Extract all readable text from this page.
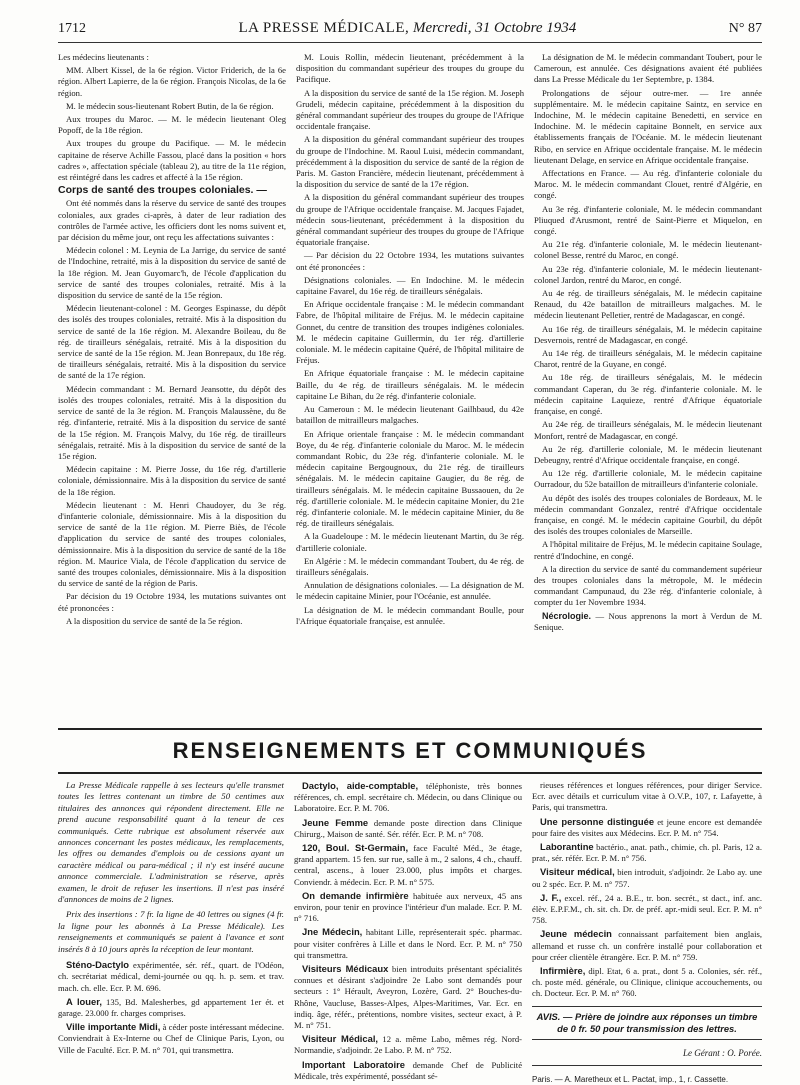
1712	LA PRESSE MÉDICALE, Mercredi, 31 Octobre 1934	N° 87

Les médecins lieutenants :

MM. Albert Kissel, de la 6e région. Victor Friderich, de la 6e région. Albert Lapierre, de la 6e région. François Nicolas, de la 6e région.

M. le médecin sous-lieutenant Robert Butin, de la 6e région.

Aux troupes du Maroc. — M. le médecin lieutenant Oleg Popoff, de la 18e région.

Aux troupes du groupe du Pacifique. — M. le médecin capitaine de réserve Achille Fassou, placé dans la position « hors cadres », affectation spéciale (tableau 2), au titre de la 11e région, est réintégré dans les cadres et affecté à la 15e région.

Corps de santé des troupes coloniales. —

Ont été nommés dans la réserve du service de santé des troupes coloniales, aux grades ci-après, à dater de leur radiation des contrôles de l'armée active, les officiers dont les noms suivent et, par décision du même jour, ont reçu les affectations suivantes :

Médecin colonel : M. Leynia de La Jarrige, du service de santé de l'Indochine, retraité, mis à la disposition du service de santé de la 18e région. M. Jean Guyomarc'h, de l'école d'application du service de santé des troupes coloniales, retraité. Mis à la disposition du service de santé de la 15e région.

Médecin lieutenant-colonel : M. Georges Espinasse, du dépôt des isolés des troupes coloniales, retraité. Mis à la disposition du service de santé de la 16e région. M. Alexandre Boileau, du 8e rég. de tirailleurs sénégalais, retraité. Mis à la disposition du service de santé de la 15e région. M. Jean Bonrepaux, du 18e rég. de tirailleurs sénégalais, retraité. Mis à la disposition du service de santé de la 17e région.

Médecin commandant : M. Bernard Jeansotte, du dépôt des isolés des troupes coloniales, retraité. Mis à la disposition du service de santé de la 3e région. M. François Malaussène, du 8e rég. d'infanterie, retraité. Mis à la disposition du service de santé de la 15e région. M. François Malvy, du 16e rég. de tirailleurs sénégalais, retraité. Mis à la disposition du service de santé de la 15e région.

Médecin capitaine : M. Pierre Josse, du 16e rég. d'artillerie coloniale, démissionnaire. Mis à la disposition du service de santé de la 18e région.

Médecin lieutenant : M. Henri Chaudoyer, du 3e rég. d'infanterie coloniale, démissionnaire. Mis à la disposition du service de santé de la 11e région. M. Pierre Biès, de l'école d'application du service de santé des troupes coloniales, démissionnaire. Mis à la disposition du service de santé de la 18e région. M. Maurice Viala, de l'école d'application du service de santé des troupes coloniales, démissionnaire. Mis à la disposition du service de santé de la région de Paris.

Par décision du 19 Octobre 1934, les mutations suivantes ont été prononcées :

A la disposition du service de santé de la 5e région.

M. Louis Rollin, médecin lieutenant, précédemment à la disposition du commandant supérieur des troupes du groupe du Pacifique.

A la disposition du service de santé de la 15e région. M. Joseph Grudeli, médecin capitaine, précédemment à la disposition du général commandant supérieur des troupes du groupe de l'Afrique occidentale française.

A la disposition du général commandant supérieur des troupes du groupe de l'Indochine. M. Raoul Luisi, médecin commandant, précédemment à la disposition du service de santé de la région de Paris. M. Gaston Francière, médecin lieutenant, précédemment à la disposition du service de santé de la 17e région.

A la disposition du général commandant supérieur des troupes du groupe de l'Afrique occidentale française. M. Jacques Fajadet, médecin sous-lieutenant, précédemment à la disposition du général commandant supérieur des troupes du groupe de l'Afrique équatoriale française.

— Par décision du 22 Octobre 1934, les mutations suivantes ont été prononcées :

Désignations coloniales. — En Indochine. M. le médecin capitaine Favarel, du 16e rég. de tirailleurs sénégalais.

En Afrique occidentale française : M. le médecin commandant Fabre, de l'hôpital militaire de Fréjus. M. le médecin capitaine Gonnet, du centre de transition des troupes indigènes coloniales. M. le médecin capitaine Guillermin, du 1er rég. d'artillerie coloniale. M. le médecin capitaine Quéré, de l'hôpital militaire de Fréjus.

En Afrique équatoriale française : M. le médecin capitaine Baille, du 4e rég. de tirailleurs sénégalais. M. le médecin capitaine Le Bihan, du 2e rég. d'infanterie coloniale.

Au Cameroun : M. le médecin lieutenant Gailhbaud, du 42e bataillon de mitrailleurs malgaches.

En Afrique orientale française : M. le médecin commandant Boye, du 4e rég. d'infanterie coloniale du Maroc. M. le médecin commandant Robic, du 23e rég. d'infanterie coloniale. M. le médecin capitaine Bergougnoux, du 21e rég. de tirailleurs sénégalais. M. le médecin capitaine Gaugier, du 8e rég. de tirailleurs sénégalais. M. le médecin capitaine Bussaouen, du 2e rég. d'artillerie coloniale. M. le médecin capitaine Monier, du 21e rég. d'infanterie coloniale. M. le médecin capitaine Minier, du 8e rég. de tirailleurs sénégalais.

A la Guadeloupe : M. le médecin lieutenant Martin, du 3e rég. d'artillerie coloniale.

En Algérie : M. le médecin commandant Toubert, du 4e rég. de tirailleurs sénégalais.

Annulation de désignations coloniales. — La désignation de M. le médecin capitaine Minier, pour l'Océanie, est annulée.

La désignation de M. le médecin commandant Boulle, pour l'Afrique équatoriale française, est annulée.

La désignation de M. le médecin commandant Toubert, pour le Cameroun, est annulée. Ces désignations avaient été publiées dans La Presse Médicale du 1er Septembre, p. 1384.

Prolongations de séjour outre-mer. — 1re année supplémentaire. M. le médecin capitaine Saintz, en service en Indochine, M. le médecin capitaine Benedetti, en service en Indochine. M. le médecin capitaine Bonnelt, en service aux établissements français de l'Océanie. M. le médecin lieutenant Ribo, en service en Afrique occidentale française. M. le médecin lieutenant Delage, en service en Afrique occidentale française.

Affectations en France. — Au rég. d'infanterie coloniale du Maroc. M. le médecin commandant Clouet, rentré d'Algérie, en congé.

Au 3e rég. d'infanterie coloniale, M. le médecin commandant Pliuqued d'Arusmont, rentré de Saint-Pierre et Miquelon, en congé.

Au 21e rég. d'infanterie coloniale, M. le médecin lieutenant-colonel Besse, rentré du Maroc, en congé.

Au 23e rég. d'infanterie coloniale, M. le médecin lieutenant-colonel Jardon, rentré du Maroc, en congé.

Au 4e rég. de tirailleurs sénégalais, M. le médecin capitaine Renaud, du 42e bataillon de mitrailleurs malgaches. M. le médecin lieutenant Pelletier, rentré de Madagascar, en congé.

Au 16e rég. de tirailleurs sénégalais, M. le médecin capitaine Desvernois, rentré de Madagascar, en congé.

Au 14e rég. de tirailleurs sénégalais, M. le médecin capitaine Charot, rentré de la Guyane, en congé.

Au 18e rég. de tirailleurs sénégalais, M. le médecin commandant Caperan, du 3e rég. d'infanterie coloniale. M. le médecin capitaine Laquieze, rentré d'Afrique équatoriale française, en congé.

Au 24e rég. de tirailleurs sénégalais, M. le médecin lieutenant Monfort, rentré de Madagascar, en congé.

Au 2e rég. d'artillerie coloniale, M. le médecin lieutenant Debeugny, rentré d'Afrique occidentale française, en congé.

Au 12e rég. d'artillerie coloniale, M. le médecin capitaine Ourradour, du 52e bataillon de mitrailleurs d'infanterie coloniale.

Au dépôt des isolés des troupes coloniales de Bordeaux, M. le médecin commandant Gonzalez, rentré d'Afrique occidentale française, en congé. M. le médecin capitaine Gourbil, du dépôt des isolés des troupes coloniales de Marseille.

A l'hôpital militaire de Fréjus, M. le médecin capitaine Soulage, rentré d'Indochine, en congé.

A la direction du service de santé du commandement supérieur des troupes coloniales dans la métropole, M. le médecin commandant Campunaud, du 23e rég. d'infanterie coloniale, à compter du 1er Novembre 1934.

Nécrologie. — Nous apprenons la mort à Verdun de M. Senique.

RENSEIGNEMENTS ET COMMUNIQUÉS

La Presse Médicale rappelle à ses lecteurs qu'elle transmet toutes les lettres contenant un timbre de 50 centimes aux titulaires des annonces qui répondent directement. Elle ne prend aucune responsabilité quant à la teneur de ces communiqués. Cette rubrique est absolument réservée aux annonces concernant les postes médicaux, les remplacements, les offres ou demandes d'emplois ou de cessions ayant un caractère médical ou para-médical ; il n'y est inséré aucune annonce commerciale. L'administration se réserve, après examen, le droit de refuser les insertions. Il n'est pas inséré d'annonces de moins de 2 lignes.

Prix des insertions : 7 fr. la ligne de 40 lettres ou signes (4 fr. la ligne pour les abonnés à La Presse Médicale). Les renseignements et communiqués se paient à l'avance et sont insérés 8 à 10 jours après la réception de leur montant.

Sténo-Dactylo expérimentée, sér. réf., quart. de l'Odéon, ch. secrétariat médical, demi-journée ou qq. h. p. sem. et trav. mach. ch. elle. Ecr. P. M. 696.

A louer, 135, Bd. Malesherbes, gd appartement 1er ét. et garage. 23.000 fr. charges comprises.

Ville importante Midi, à céder poste intéressant médecine. Conviendrait à Ex-Interne ou Chef de Clinique Paris, Lyon, ou Ville de Faculté. Ecr. P. M. n° 701, qui transmettra.

Dactylo, aide-comptable, téléphoniste, très bonnes références, ch. empl. secrétaire ch. Médecin, ou dans Clinique ou Laboratoire. Ecr. P. M. 706.

Jeune Femme demande poste direction dans Clinique Chirurg., Maison de santé. Sér. référ. Ecr. P. M. n° 708.

120, Boul. St-Germain, face Faculté Méd., 3e étage, grand appartem. 15 fen. sur rue, salle à m., 2 salons, 4 ch., chauff. central, ascens., à louer 23.000, plus impôts et charges. Conviendr. à médecin. Ecr. P. M. n° 575.

On demande infirmière habituée aux nerveux, 45 ans environ, pour tenir en province l'intérieur d'un malade. Ecr. P. M. n° 716.

Jne Médecin, habitant Lille, représenterait spéc. pharmac. pour visiter confrères à Lille et dans le Nord. Ecr. P. M. n° 750 qui transmettra.

Visiteurs Médicaux bien introduits présentant spécialités connues et désirant s'adjoindre 2e Labo sont demandés pour secteurs : 1° Hérault, Aveyron, Lozère, Gard. 2° Bouches-du-Rhône, Vaucluse, Basses-Alpes, Alpes-Maritimes, Var. Ecr. en indiq. âge, référ., prétentions, nombre visites, secteur exact, à P. M. n° 751.

Visiteur Médical, 12 a. même Labo, mêmes rég. Nord-Normandie, s'adjoindr. 2e Labo. P. M. n° 752.

Important Laboratoire demande Chef de Publicité Médicale, très expérimenté, possédant sé-

rieuses références et longues références, pour diriger Service. Ecr. avec détails et curriculum vitae à O.V.P., 107, r. Lafayette, à Paris, qui transmettra.

Une personne distinguée et jeune encore est demandée pour faire des visites aux Médecins. Ecr. P. M. n° 754.

Laborantine bactério., anat. path., chimie, ch. pl. Paris, 12 a. prat., sér. référ. Ecr. P. M. n° 756.

Visiteur médical, bien introduit, s'adjoindr. 2e Labo ay. une ou 2 spéc. Ecr. P. M. n° 757.

J. F., excel. réf., 24 a. B.E., tr. bon. secrét., st dact., inf. anc. élèv. E.P.F.M., ch. sit. ch. Dr. de préf. apr.-midi seul. Ecr. P. M. n° 758.

Jeune médecin connaissant parfaitement bien anglais, allemand et russe ch. un confrère installé pour collaboration et pour créer clientèle étrangère. Ecr. P. M. n° 759.

Infirmière, dipl. Etat, 6 a. prat., dont 5 a. Colonies, sér. réf., ch. poste méd. générale, ou Clinique, clinique accouchements, ou ch. Docteur. Ecr. P. M. n° 760.

AVIS. — Prière de joindre aux réponses un timbre de 0 fr. 50 pour transmission des lettres.
Le Gérant : O. Porée.
Paris. — A. Maretheux et L. Pactat, imp., 1, r. Cassette.
